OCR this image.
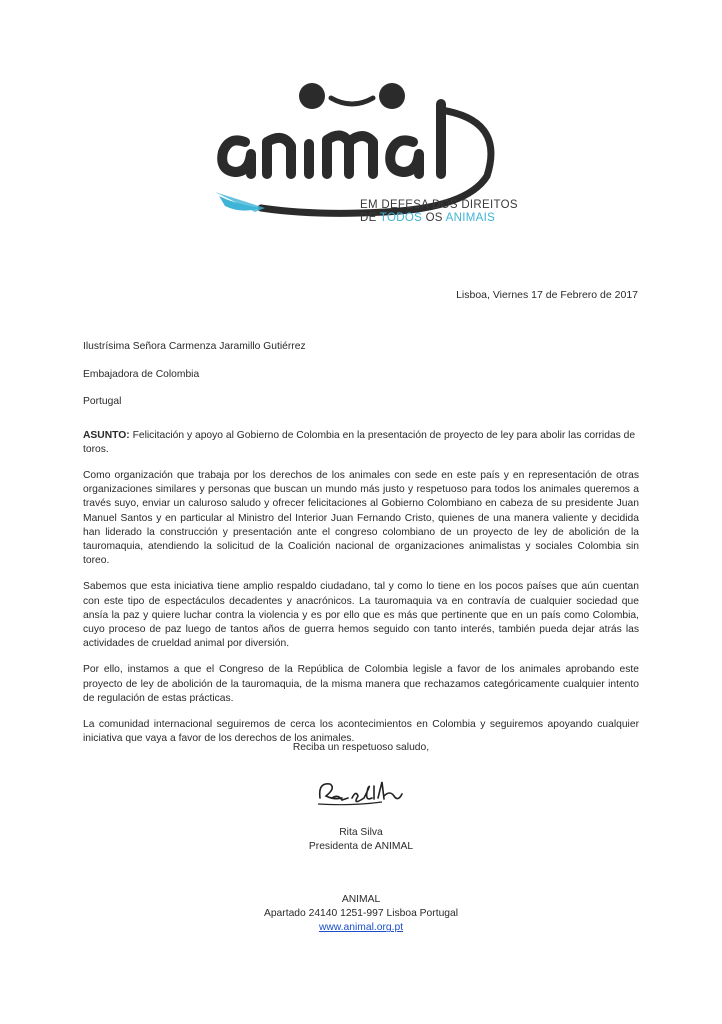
EM DEFESA DOS DIREITOS
DE TODOS OS ANIMAIS
Lisboa, Viernes 17 de Febrero de 2017

Ilustrísima Señora Carmenza Jaramillo Gutiérrez

Embajadora de Colombia

Portugal

ASUNTO: Felicitación y apoyo al Gobierno de Colombia en la presentación de proyecto de ley para abolir las corridas de toros.

Como organización que trabaja por los derechos de los animales con sede en este país y en representación de otras organizaciones similares y personas que buscan un mundo más justo y respetuoso para todos los animales queremos a través suyo, enviar un caluroso saludo y ofrecer felicitaciones al Gobierno Colombiano en cabeza de su presidente Juan Manuel Santos y en particular al Ministro del Interior Juan Fernando Cristo, quienes de una manera valiente y decidida han liderado la construcción y presentación ante el congreso colombiano de un proyecto de ley de abolición de la tauromaquia, atendiendo la solicitud de la Coalición nacional de organizaciones animalistas y sociales Colombia sin toreo.

Sabemos que esta iniciativa tiene amplio respaldo ciudadano, tal y como lo tiene en los pocos países que aún cuentan con este tipo de espectáculos decadentes y anacrónicos. La tauromaquia va en contravía de cualquier sociedad que ansía la paz y quiere luchar contra la violencia y es por ello que es más que pertinente que en un país como Colombia, cuyo proceso de paz luego de tantos años de guerra hemos seguido con tanto interés, también pueda dejar atrás las actividades de crueldad animal por diversión.

Por ello, instamos a que el Congreso de la República de Colombia legisle a favor de los animales aprobando este proyecto de ley de abolición de la tauromaquia, de la misma manera que rechazamos categóricamente cualquier intento de regulación de estas prácticas.

La comunidad internacional seguiremos de cerca los acontecimientos en Colombia y seguiremos apoyando cualquier iniciativa que vaya a favor de los derechos de los animales.

Reciba un respetuoso saludo,

Rita Silva

Presidenta de ANIMAL

ANIMAL

Apartado 24140 1251-997 Lisboa Portugal

www.animal.org.pt
